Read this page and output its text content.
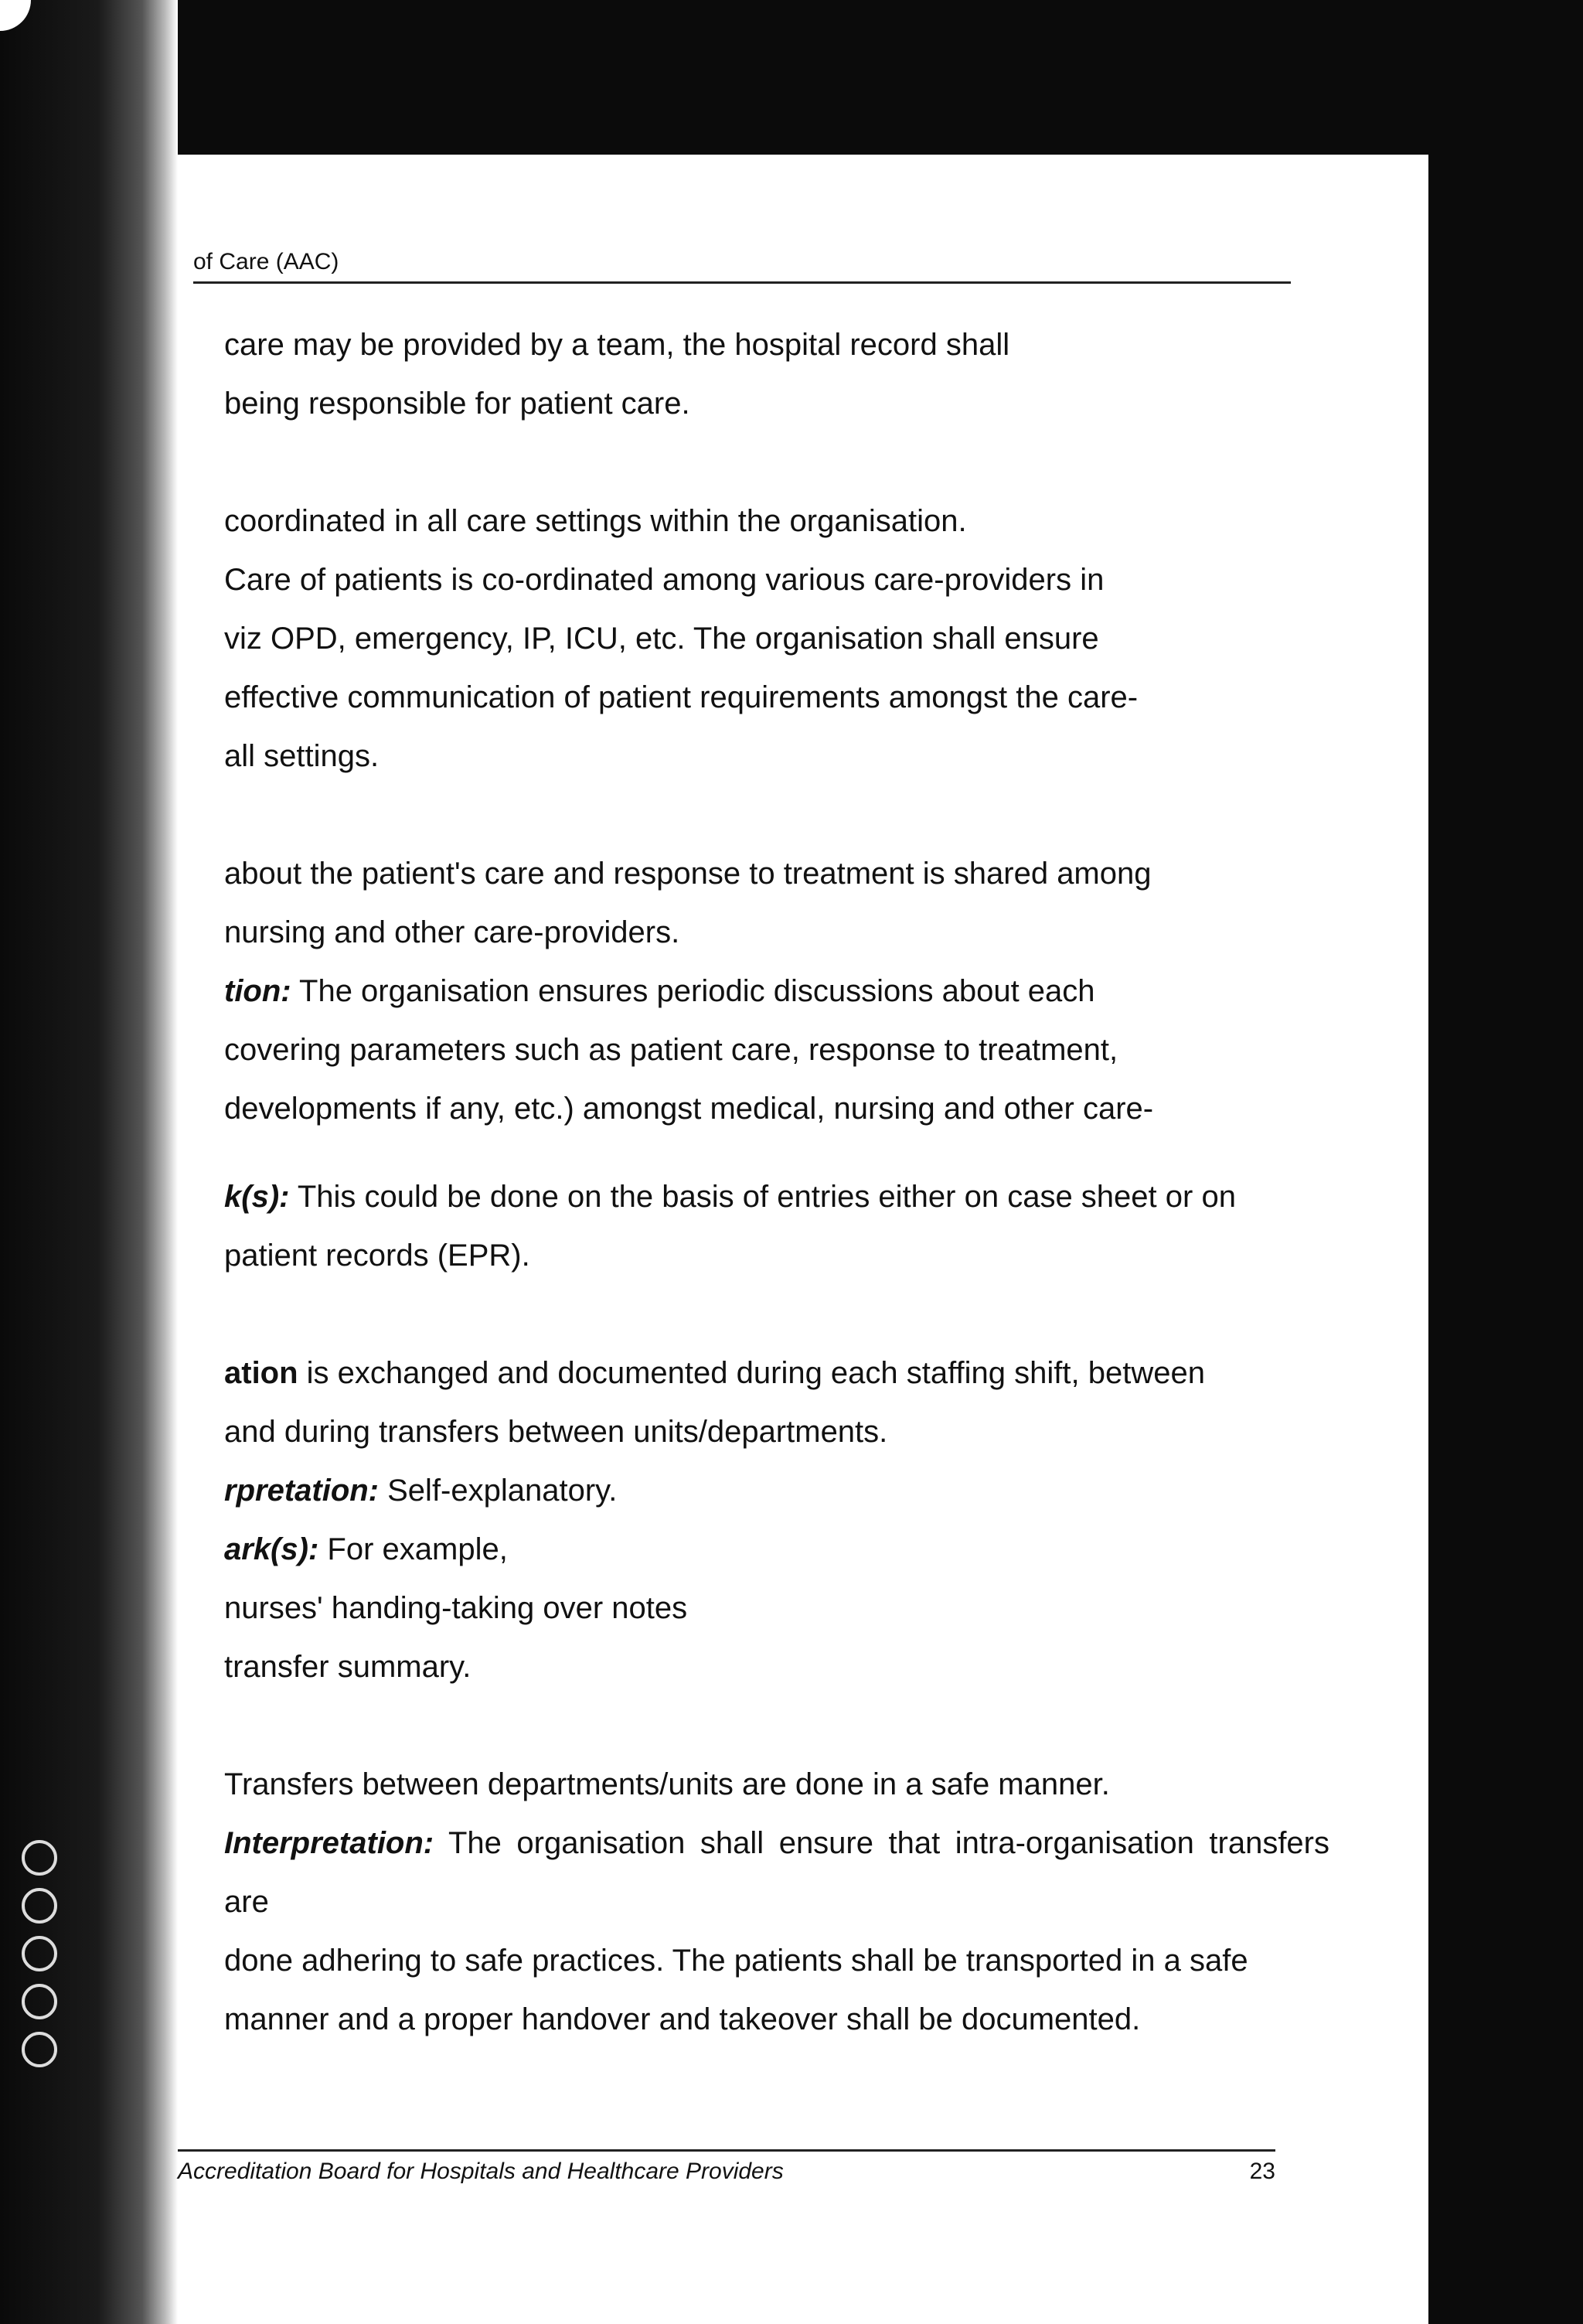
of Care (AAC)

care may be provided by a team, the hospital record shall

being responsible for patient care.

coordinated in all care settings within the organisation.

Care of patients is co-ordinated among various care-providers in

viz OPD, emergency, IP, ICU, etc. The organisation shall ensure

effective communication of patient requirements amongst the care-

all settings.

about the patient's care and response to treatment is shared among

nursing and other care-providers.

tion: The organisation ensures periodic discussions about each

covering parameters such as patient care, response to treatment,

developments if any, etc.) amongst medical, nursing and other care-

k(s): This could be done on the basis of entries either on case sheet or on

patient records (EPR).

ation is exchanged and documented during each staffing shift, between

and during transfers between units/departments.

rpretation: Self-explanatory.

ark(s): For example,

nurses' handing-taking over notes

transfer summary.

Transfers between departments/units are done in a safe manner.

Interpretation: The organisation shall ensure that intra-organisation transfers are

done adhering to safe practices. The patients shall be transported in a safe

manner and a proper handover and takeover shall be documented.

Accreditation Board for Hospitals and Healthcare Providers	23
